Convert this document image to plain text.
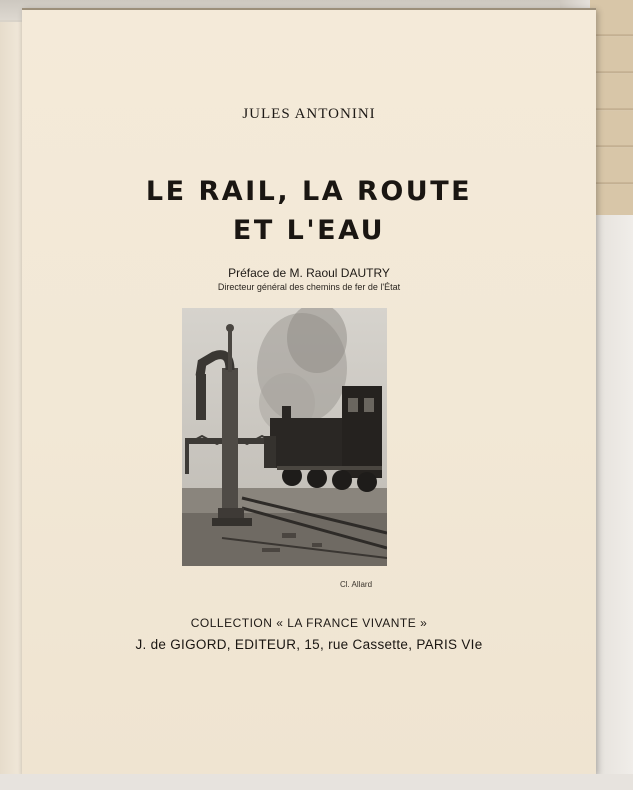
JULES ANTONINI
LE RAIL, LA ROUTE
ET L'EAU
Préface de M. Raoul DAUTRY
Directeur général des chemins de fer de l'État
Cl. Allard
COLLECTION « LA FRANCE VIVANTE »
J. de GIGORD, EDITEUR, 15, rue Cassette, PARIS VIe
